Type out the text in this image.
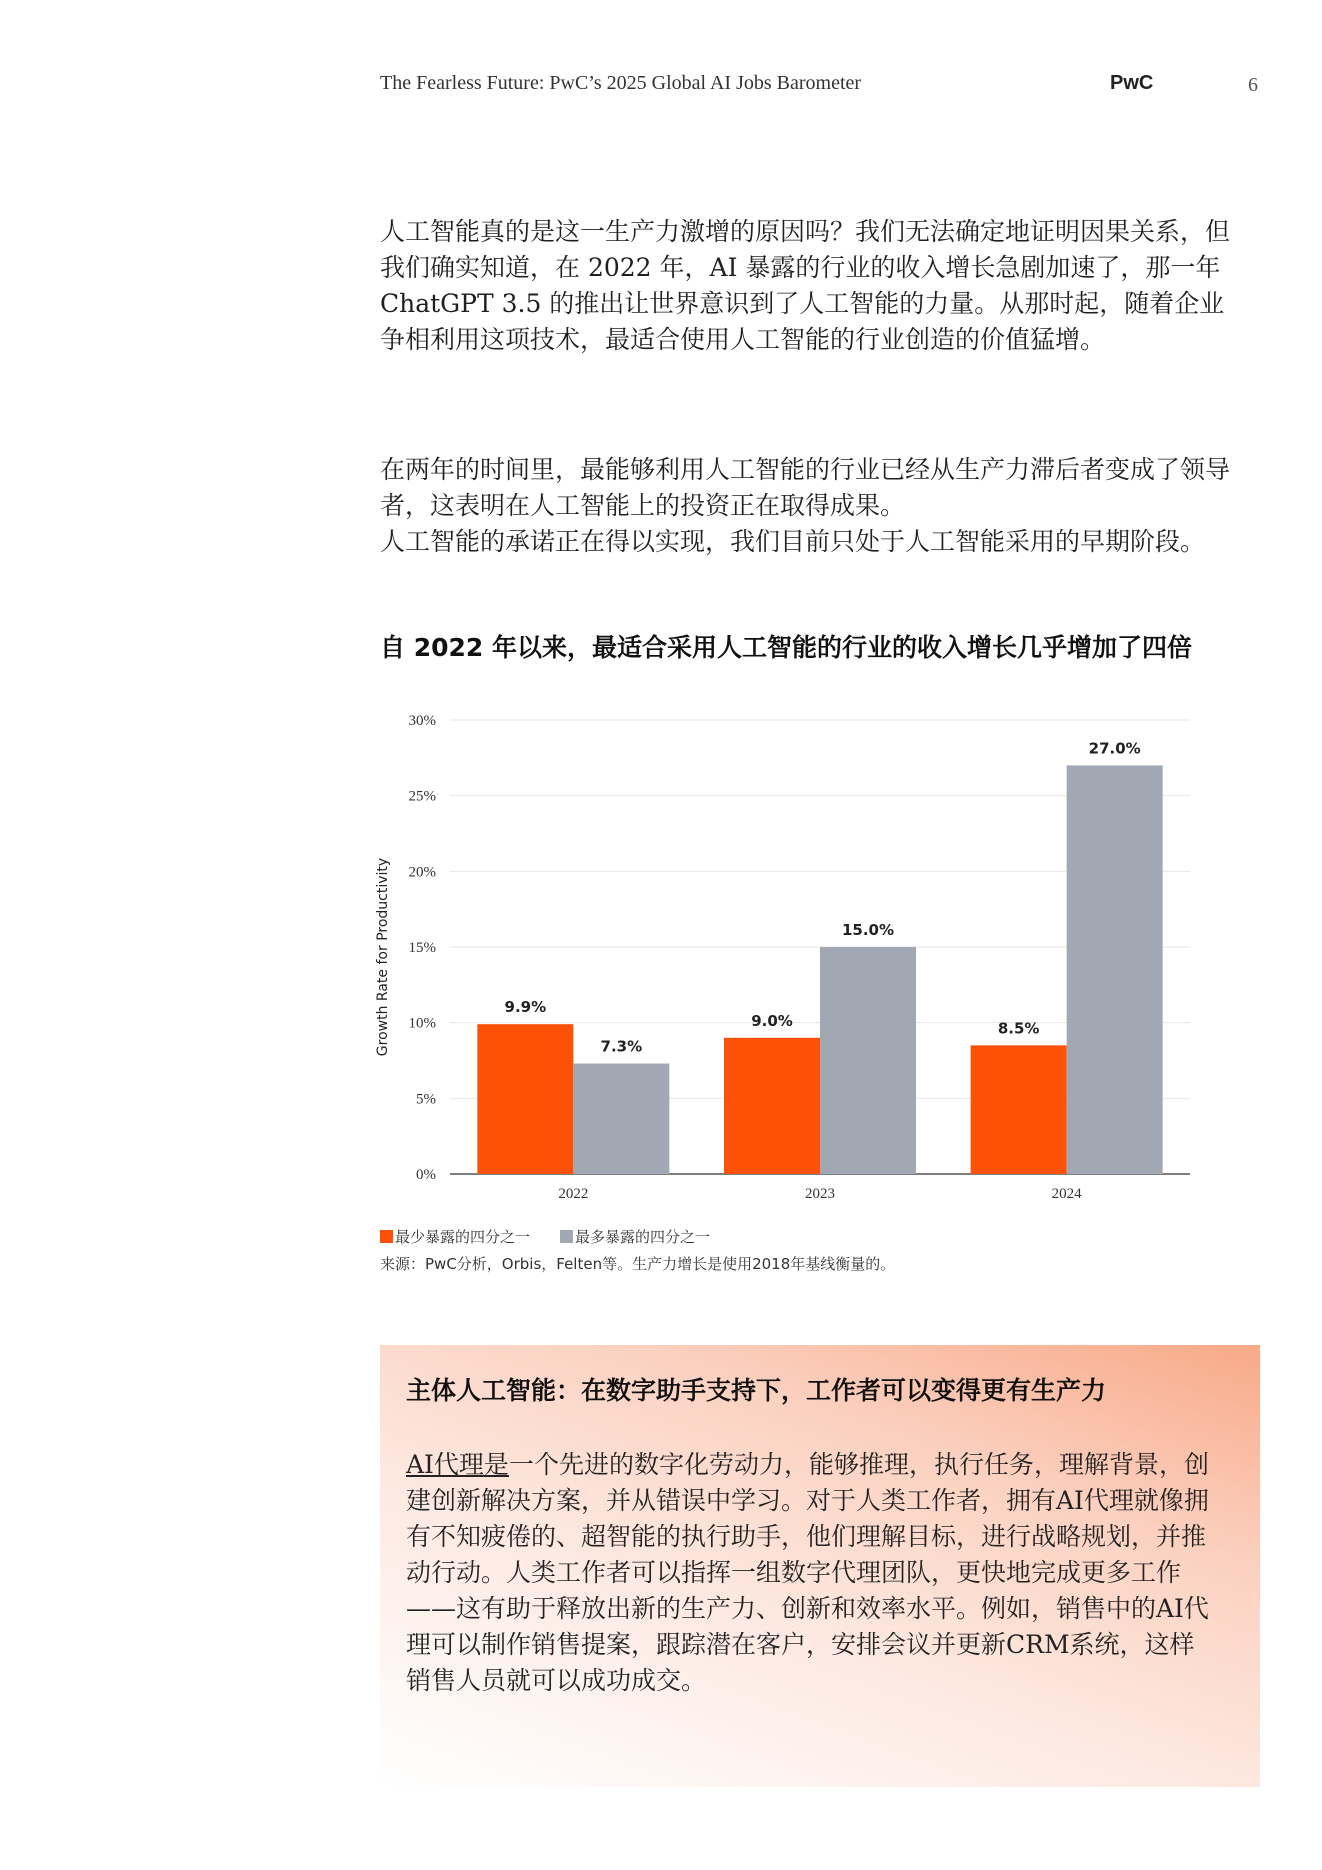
The Fearless Future: PwC’s 2025 Global AI Jobs Barometer	PwC	6

人工智能真的是这一生产力激增的原因吗？我们无法确定地证明因果关系，但我们确实知道，在 2022 年，AI 暴露的行业的收入增长急剧加速了，那一年 ChatGPT 3.5 的推出让世界意识到了人工智能的力量。从那时起，随着企业争相利用这项技术，最适合使用人工智能的行业创造的价值猛增。

在两年的时间里，最能够利用人工智能的行业已经从生产力滞后者变成了领导者，这表明在人工智能上的投资正在取得成果。

人工智能的承诺正在得以实现，我们目前只处于人工智能采用的早期阶段。

自 2022 年以来，最适合采用人工智能的行业的收入增长几乎增加了四倍
0%
5%
10%
15%
20%
25%
30%
Growth Rate for Productivity	9.9%
7.3%
2022
9.0%
15.0%
2023
8.5%
27.0%
2024
最少暴露的四分之一	最多暴露的四分之一

来源：PwC分析，Orbis，Felten等。生产力增长是使用2018年基线衡量的。

主体人工智能：在数字助手支持下，工作者可以变得更有生产力

AI代理是一个先进的数字化劳动力，能够推理，执行任务，理解背景，创建创新解决方案，并从错误中学习。对于人类工作者，拥有AI代理就像拥有不知疲倦的、超智能的执行助手，他们理解目标，进行战略规划，并推动行动。人类工作者可以指挥一组数字代理团队，更快地完成更多工作——这有助于释放出新的生产力、创新和效率水平。例如，销售中的AI代理可以制作销售提案，跟踪潜在客户，安排会议并更新CRM系统，这样销售人员就可以成功成交。
